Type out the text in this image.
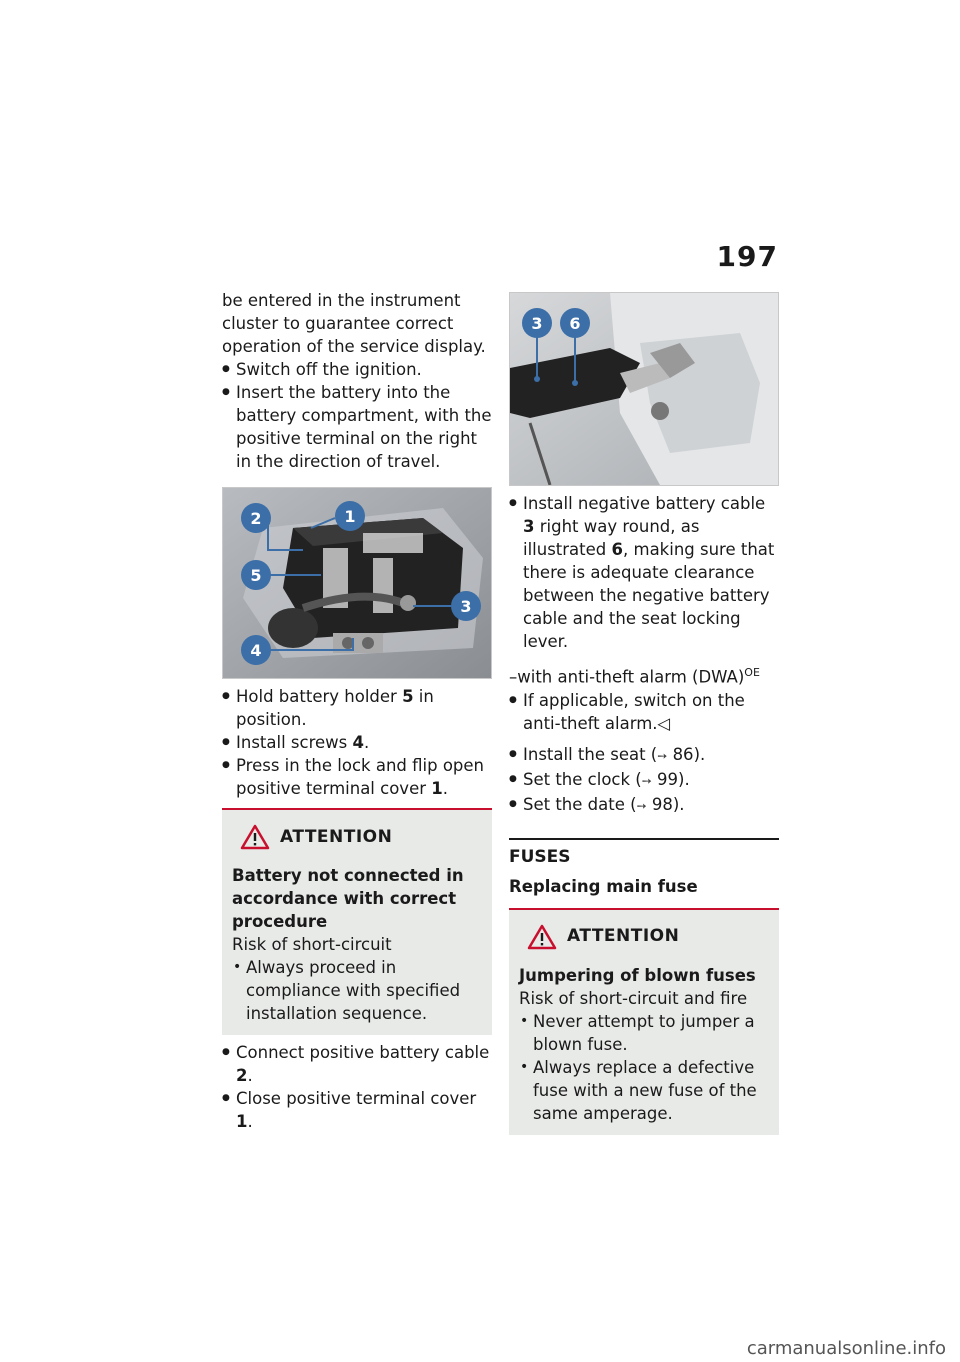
197

be entered in the instrument cluster to guarantee correct operation of the service display.

● Switch off the ignition.
● Insert the battery into the battery compartment, with the positive terminal on the right in the direction of travel.
2	1
5
3
4
● Hold battery holder 5 in position.
● Install screws 4.
● Press in the lock and flip open positive terminal cover 1.
ATTENTION

Battery not connected in accordance with correct procedure

Risk of short-circuit

• Always proceed in compliance with specified installation sequence.
● Connect positive battery cable 2.
● Close positive terminal cover 1.
3 6
● Install negative battery cable 3 right way round, as illustrated 6, making sure that there is adequate clearance between the negative battery cable and the seat locking lever.

–with anti-theft alarm (DWA)$^{OE}$

● If applicable, switch on the anti-theft alarm.◁
● Install the seat (➙ 86).
● Set the clock (➙ 99).
● Set the date (➙ 98).
FUSES
Replacing main fuse
ATTENTION

Jumpering of blown fuses

Risk of short-circuit and fire

• Never attempt to jumper a blown fuse.
• Always replace a defective fuse with a new fuse of the same amperage.
carmanualsonline.info
